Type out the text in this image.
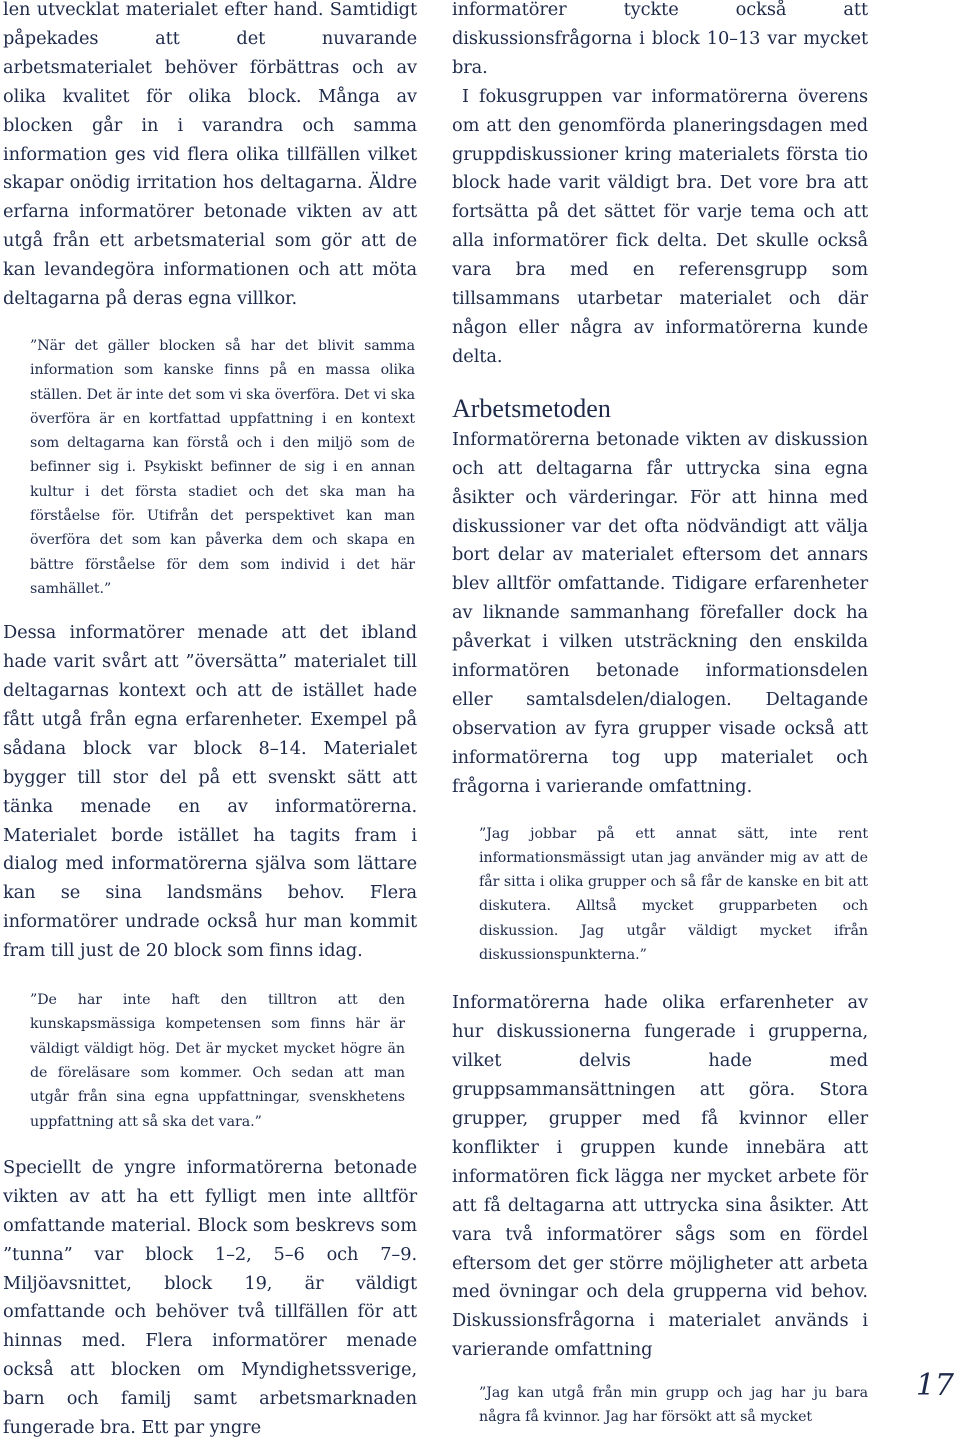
len utvecklat materialet efter hand. Samtidigt påpekades att det nuvarande arbetsmaterialet behöver förbättras och av olika kvalitet för olika block. Många av blocken går in i varandra och samma information ges vid flera olika tillfällen vilket skapar onödig irritation hos deltagarna. Äldre erfarna informatörer betonade vikten av att utgå från ett arbetsmaterial som gör att de kan levandegöra informationen och att möta deltagarna på deras egna villkor.

”När det gäller blocken så har det blivit samma information som kanske finns på en massa olika ställen. Det är inte det som vi ska överföra. Det vi ska överföra är en kortfattad uppfattning i en kontext som deltagarna kan förstå och i den miljö som de befinner sig i. Psykiskt befinner de sig i en annan kultur i det första stadiet och det ska man ha förståelse för. Utifrån det perspektivet kan man överföra det som kan påverka dem och skapa en bättre förståelse för dem som individ i det här samhället.”

Dessa informatörer menade att det ibland hade varit svårt att ”översätta” materialet till deltagarnas kontext och att de istället hade fått utgå från egna erfarenheter. Exempel på sådana block var block 8–14. Materialet bygger till stor del på ett svenskt sätt att tänka menade en av informatörerna. Materialet borde istället ha tagits fram i dialog med informatörerna själva som lättare kan se sina landsmäns behov. Flera informatörer undrade också hur man kommit fram till just de 20 block som finns idag.

”De har inte haft den tilltron att den kunskapsmässiga kompetensen som finns här är väldigt väldigt hög. Det är mycket mycket högre än de föreläsare som kommer. Och sedan att man utgår från sina egna uppfattningar, svenskhetens uppfattning att så ska det vara.”

Speciellt de yngre informatörerna betonade vikten av att ha ett fylligt men inte alltför omfattande material. Block som beskrevs som ”tunna” var block 1–2, 5–6 och 7–9. Miljöavsnittet, block 19, är väldigt omfattande och behöver två tillfällen för att hinnas med. Flera informatörer menade också att blocken om Myndighetssverige, barn och familj samt arbetsmarknaden fungerade bra. Ett par yngre

informatörer tyckte också att diskussionsfrågorna i block 10–13 var mycket bra.

I fokusgruppen var informatörerna överens om att den genomförda planeringsdagen med gruppdiskussioner kring materialets första tio block hade varit väldigt bra. Det vore bra att fortsätta på det sättet för varje tema och att alla informatörer fick delta. Det skulle också vara bra med en referensgrupp som tillsammans utarbetar materialet och där någon eller några av informatörerna kunde delta.

Arbetsmetoden

Informatörerna betonade vikten av diskussion och att deltagarna får uttrycka sina egna åsikter och värderingar. För att hinna med diskussioner var det ofta nödvändigt att välja bort delar av materialet eftersom det annars blev alltför omfattande. Tidigare erfarenheter av liknande sammanhang förefaller dock ha påverkat i vilken utsträckning den enskilda informatören betonade informationsdelen eller samtalsdelen/dialogen. Deltagande observation av fyra grupper visade också att informatörerna tog upp materialet och frågorna i varierande omfattning.

”Jag jobbar på ett annat sätt, inte rent informationsmässigt utan jag använder mig av att de får sitta i olika grupper och så får de kanske en bit att diskutera. Alltså mycket grupparbeten och diskussion. Jag utgår väldigt mycket ifrån diskussionspunkterna.”

Informatörerna hade olika erfarenheter av hur diskussionerna fungerade i grupperna, vilket delvis hade med gruppsammansättningen att göra. Stora grupper, grupper med få kvinnor eller konflikter i gruppen kunde innebära att informatören fick lägga ner mycket arbete för att få deltagarna att uttrycka sina åsikter. Att vara två informatörer sågs som en fördel eftersom det ger större möjligheter att arbeta med övningar och dela grupperna vid behov. Diskussionsfrågorna i materialet används i varierande omfattning

”Jag kan utgå från min grupp och jag har ju bara några få kvinnor. Jag har försökt att så mycket

17
